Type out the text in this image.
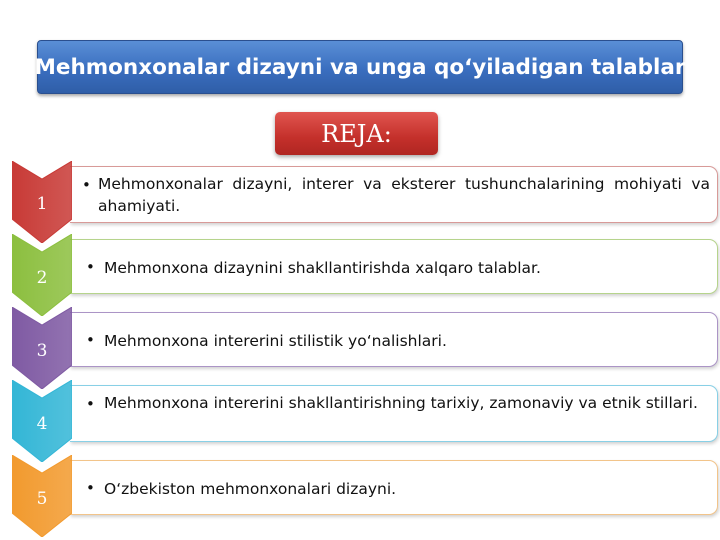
Mehmonxonalar dizayni va unga qo‘yiladigan talablar
REJA:
• Mehmonxonalar dizayni, interer va eksterer tushunchalarining mohiyati va ahamiyati.
1
• Mehmonxona dizaynini shakllantirishda xalqaro talablar.
2
• Mehmonxona intererini stilistik yo‘nalishlari.
3
• Mehmonxona intererini shakllantirishning tarixiy, zamonaviy va etnik stillari.
4
• O‘zbekiston mehmonxonalari dizayni.
5
